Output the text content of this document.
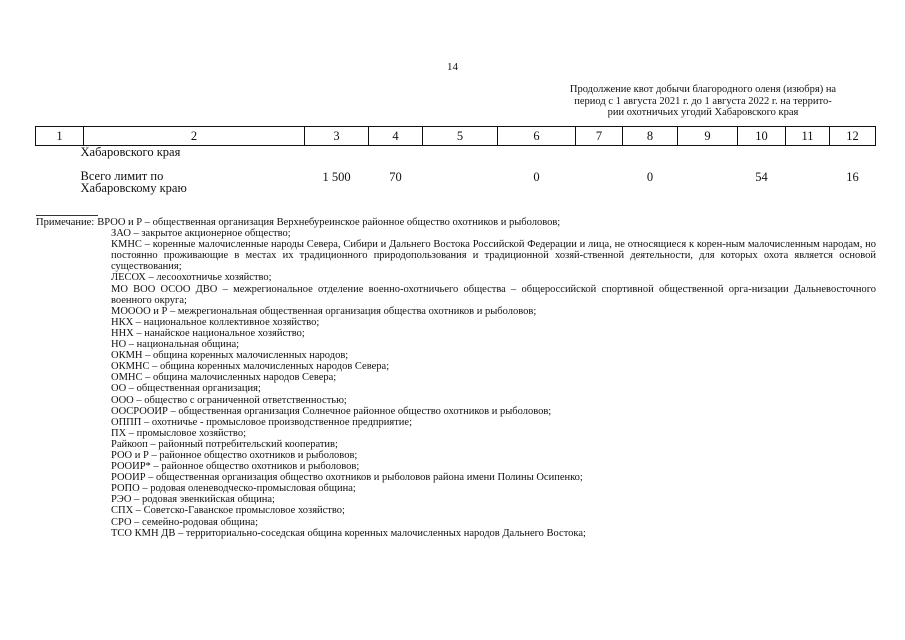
14
Продолжение квот добычи благородного оленя (изюбря) на
период с 1 августа 2021 г. до 1 августа 2022 г. на террито-
рии охотничьих угодий Хабаровского края
1	2	3	4	5	6	7	8	9	10	11	12

Хабаровского края											

Всего лимит по
Хабаровскому краю		1 500	70		0		0		54		16
Примечание: ВРОО и Р – общественная организация Верхнебуреинское районное общество охотников и рыболовов;
ЗАО – закрытое акционерное общество;
КМНС – коренные малочисленные народы Севера, Сибири и Дальнего Востока Российской Федерации и лица, не относящиеся к корен-ным малочисленным народам, но постоянно проживающие в местах их традиционного природопользования и традиционной хозяй-ственной деятельности, для которых охота является основой существования;
ЛЕСОХ – лесоохотничье хозяйство;
МО ВОО ОСОО ДВО – межрегиональное отделение военно-охотничьего общества – общероссийской спортивной общественной орга-низации Дальневосточного военного округа;
МООOO и Р – межрегиональная общественная организация общества охотников и рыболовов;
НКХ – национальное коллективное хозяйство;
ННХ – нанайское национальное хозяйство;
НО – национальная община;
ОКМН – община коренных малочисленных народов;
ОКМНС – община коренных малочисленных народов Севера;
ОМНС – община малочисленных народов Севера;
ОО – общественная организация;
ООО – общество с ограниченной ответственностью;
ООСРООИР – общественная организация Солнечное районное общество охотников и рыболовов;
ОППП – охотничье - промысловое производственное предприятие;
ПХ – промысловое хозяйство;
Райкооп – районный потребительский кооператив;
РОО и Р – районное общество охотников и рыболовов;
РООИР* – районное общество охотников и рыболовов;
РООИР – общественная организация общество охотников и рыболовов района имени Полины Осипенко;
РОПО – родовая оленеводческо-промысловая община;
РЭО – родовая эвенкийская община;
СПХ – Советско-Гаванское промысловое хозяйство;
СРО – семейно-родовая община;
ТСО КМН ДВ – территориально-соседская община коренных малочисленных народов Дальнего Востока;
